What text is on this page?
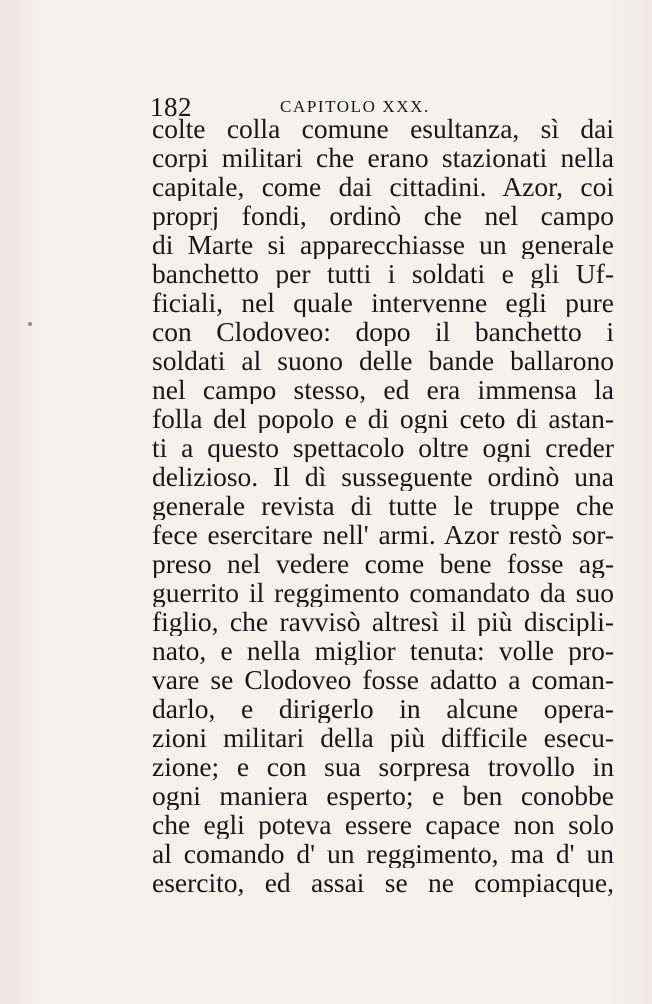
182	CAPITOLO XXX.
colte colla comune esultanza, sì dai
corpi militari che erano stazionati nella
capitale, come dai cittadini. Azor, coi
proprj fondi, ordinò che nel campo
di Marte si apparecchiasse un generale
banchetto per tutti i soldati e gli Uf-
ficiali, nel quale intervenne egli pure
con Clodoveo: dopo il banchetto i
soldati al suono delle bande ballarono
nel campo stesso, ed era immensa la
folla del popolo e di ogni ceto di astan-
ti a questo spettacolo oltre ogni creder
delizioso. Il dì susseguente ordinò una
generale revista di tutte le truppe che
fece esercitare nell' armi. Azor restò sor-
preso nel vedere come bene fosse ag-
guerrito il reggimento comandato da suo
figlio, che ravvisò altresì il più discipli-
nato, e nella miglior tenuta: volle pro-
vare se Clodoveo fosse adatto a coman-
darlo, e dirigerlo in alcune opera-
zioni militari della più difficile esecu-
zione; e con sua sorpresa trovollo in
ogni maniera esperto; e ben conobbe
che egli poteva essere capace non solo
al comando d' un reggimento, ma d' un
esercito, ed assai se ne compiacque,
